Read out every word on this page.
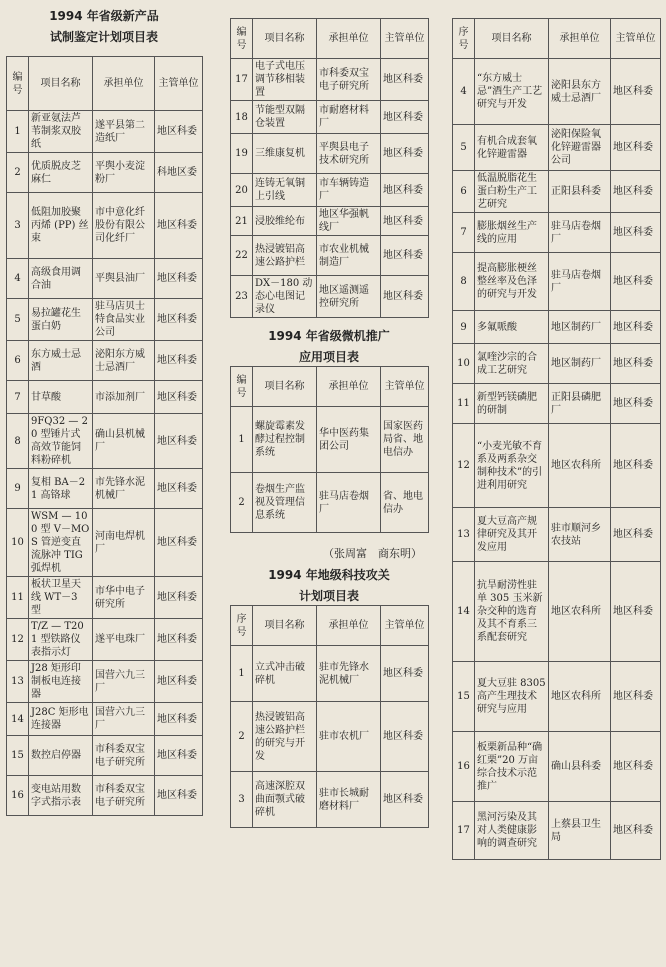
1994 年省级新产品
试制鉴定计划项目表
编号	项目名称	承担单位	主管单位
1	新亚氨法芦苇制浆双胶纸	遂平县第二造纸厂	地区科委
2	优质脱皮芝麻仁	平舆小麦淀粉厂	科地区委
3	低阻加胶聚丙烯 (PP) 丝束	市中意化纤股份有限公司化纤厂	地区科委
4	高级食用调合油	平舆县油厂	地区科委
5	易拉罐花生蛋白奶	驻马店贝士特食品实业公司	地区科委
6	东方威士忌酒	泌阳东方威士忌酒厂	地区科委
7	甘草酸	市添加剂厂	地区科委
8	9FQ32 — 20 型锤片式高效节能饲料粉碎机	确山县机械厂	地区科委
9	复相 BA－21 高铬球	市先锋水泥机械厂	地区科委
10	WSM — 100 型 V－MOS 管逆变直流脉冲 TIG 弧焊机	河南电焊机厂	地区科委
11	板状卫星天线 WT－3 型	市华中电子研究所	地区科委
12	T/Z — T201 型铁路仪表指示灯	遂平电珠厂	地区科委
13	J28 矩形印制板电连接器	国营六九三厂	地区科委
14	J28C 矩形电连接器	国营六九三厂	地区科委
15	数控启停器	市科委双宝电子研究所	地区科委
16	变电站用数字式指示表	市科委双宝电子研究所	地区科委
编号	项目名称	承担单位	主管单位
17	电子式电压调节移相装置	市科委双宝电子研究所	地区科委
18	节能型双隔仓装置	市耐磨材料厂	地区科委
19	三维康复机	平舆县电子技术研究所	地区科委
20	连铸无氧铜上引线	市车辆铸造厂	地区科委
21	浸胶维纶布	地区华强帆线厂	地区科委
22	热浸镀铝高速公路护栏	市农业机械制造厂	地区科委
23	DX－180 动态心电图记录仪	地区遥测遥控研究所	地区科委
1994 年省级微机推广
应用项目表
编号	项目名称	承担单位	主管单位
1	螺旋霉素发酵过程控制系统	华中医药集团公司	国家医药局省、地电信办
2	卷烟生产监视及管理信息系统	驻马店卷烟厂	省、地电信办
（张周富　商东明）
1994 年地级科技攻关
计划项目表
序号	项目名称	承担单位	主管单位
1	立式冲击破碎机	驻市先锋水泥机械厂	地区科委
2	热浸镀铝高速公路护栏的研究与开发	驻市农机厂	地区科委
3	高速深腔双曲面颚式破碎机	驻市长城耐磨材料厂	地区科委
序号	项目名称	承担单位	主管单位
4	“东方威士忌”酒生产工艺研究与开发	泌阳县东方威士忌酒厂	地区科委
5	有机合成套氧化锌避雷器	泌阳保险氧化锌避雷器公司	地区科委
6	低温脱脂花生蛋白粉生产工艺研究	正阳县科委	地区科委
7	膨胀烟丝生产线的应用	驻马店卷烟厂	地区科委
8	提高膨胀梗丝整丝率及色泽的研究与开发	驻马店卷烟厂	地区科委
9	多氟哌酸	地区制药厂	地区科委
10	氯喹沙宗的合成工艺研究	地区制药厂	地区科委
11	新型钙镁磷肥的研制	正阳县磷肥厂	地区科委
12	“小麦光敏不育系及两系杂交制种技术”的引进利用研究	地区农科所	地区科委
13	夏大豆高产规律研究及其开发应用	驻市顺河乡农技站	地区科委
14	抗旱耐涝性驻单 305 玉米新杂交种的选育及其不育系三系配套研究	地区农科所	地区科委
15	夏大豆驻 8305 高产生理技术研究与应用	地区农科所	地区科委
16	板栗新品种“确红栗”20 万亩综合技术示范推广	确山县科委	地区科委
17	黑河污染及其对人类健康影响的调查研究	上蔡县卫生局	地区科委
